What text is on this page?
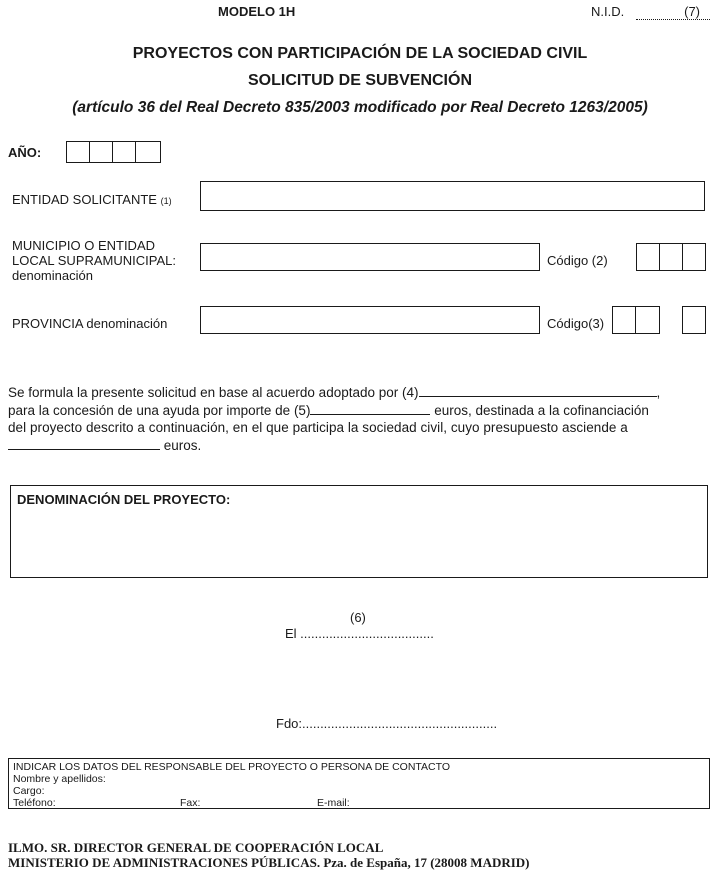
MODELO 1H	N.I.D.	(7)
PROYECTOS CON PARTICIPACIÓN DE LA SOCIEDAD CIVIL
SOLICITUD DE SUBVENCIÓN
(artículo 36 del Real Decreto 835/2003 modificado por Real Decreto 1263/2005)
AÑO:
ENTIDAD SOLICITANTE (1)
MUNICIPIO O ENTIDAD
LOCAL SUPRAMUNICIPAL:
denominación
Código (2)
PROVINCIA denominación	Código(3)
Se formula la presente solicitud en base al acuerdo adoptado por (4)	,
para la concesión de una ayuda por importe de (5)	euros, destinada a la cofinanciación
del proyecto descrito a continuación, en el que participa la sociedad civil, cuyo presupuesto asciende a
euros.
DENOMINACIÓN DEL PROYECTO:
(6)
El .....................................
Fdo:......................................................
INDICAR LOS DATOS DEL RESPONSABLE DEL PROYECTO O PERSONA DE CONTACTO
Nombre y apellidos:
Cargo:
Teléfono:	Fax:	E-mail:
ILMO. SR. DIRECTOR GENERAL DE COOPERACIÓN LOCAL
MINISTERIO DE ADMINISTRACIONES PÚBLICAS. Pza. de España, 17 (28008 MADRID)
